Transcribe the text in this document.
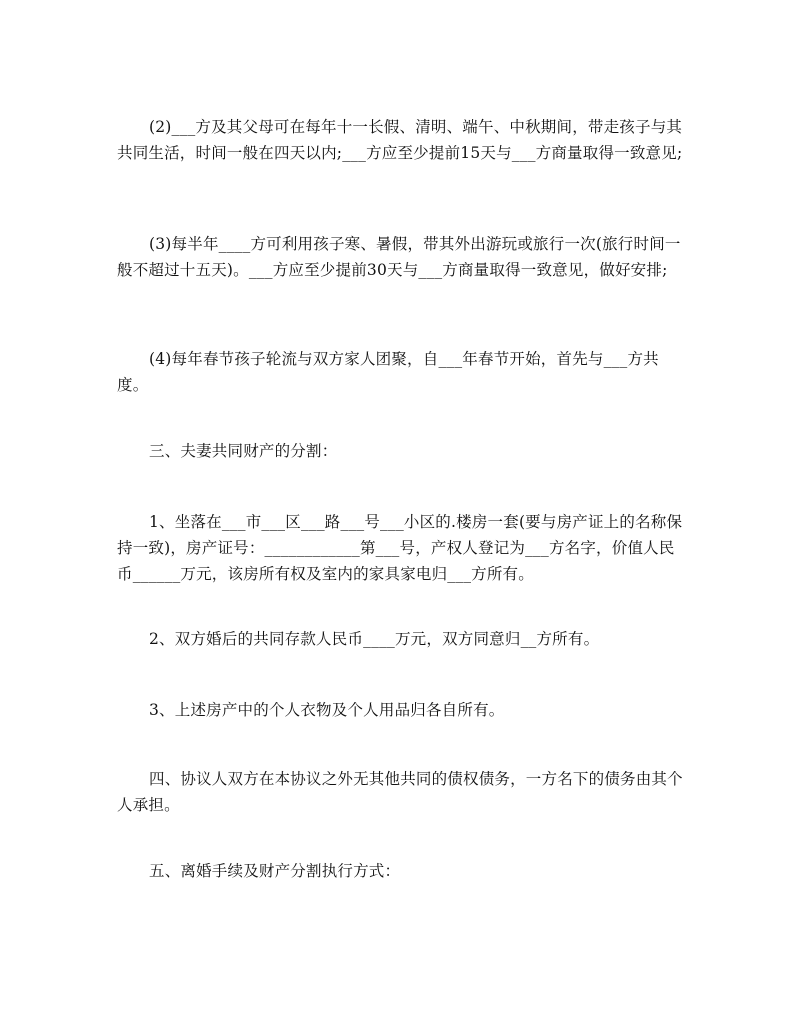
(2)___方及其父母可在每年十一长假、清明、端午、中秋期间，带走孩子与其共同生活，时间一般在四天以内;___方应至少提前15天与___方商量取得一致意见;

(3)每半年____方可利用孩子寒、暑假，带其外出游玩或旅行一次(旅行时间一般不超过十五天)。___方应至少提前30天与___方商量取得一致意见，做好安排;

(4)每年春节孩子轮流与双方家人团聚，自___年春节开始，首先与___方共度。

三、夫妻共同财产的分割：

1、坐落在___市___区___路___号___小区的.楼房一套(要与房产证上的名称保持一致)，房产证号：____________第___号，产权人登记为___方名字，价值人民币______万元，该房所有权及室内的家具家电归___方所有。

2、双方婚后的共同存款人民币____万元，双方同意归__方所有。

3、上述房产中的个人衣物及个人用品归各自所有。

四、协议人双方在本协议之外无其他共同的债权债务，一方名下的债务由其个人承担。

五、离婚手续及财产分割执行方式：
